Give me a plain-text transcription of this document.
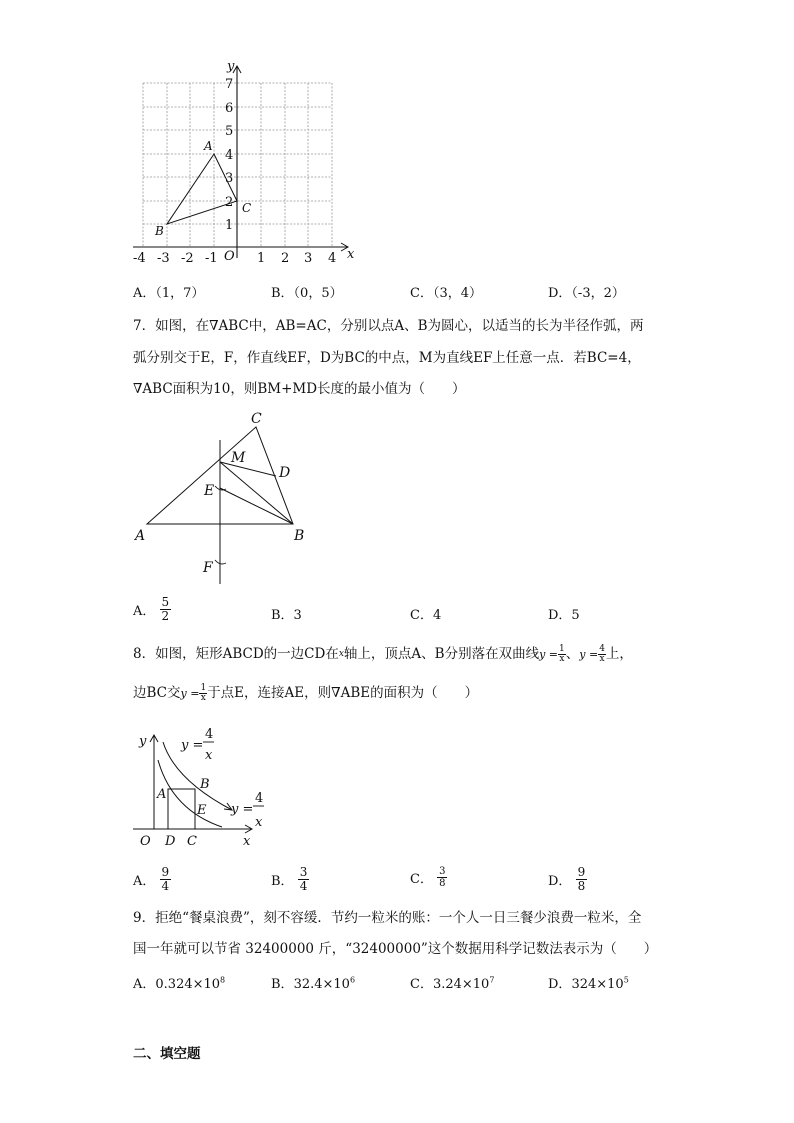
y
x
O
7
6
5
4
3
2
1
-4 -3 -2 -1	1 2 3 4
A
B
C
A．（1，7）	B．（0，5）	C．（3，4）	D．（-3，2）
7．如图，在∇ABC中，AB=AC，分别以点A、B为圆心，以适当的长为半径作弧，两
弧分别交于E，F，作直线EF，D为BC的中点，M为直线EF上任意一点．若BC=4，
∇ABC面积为10，则BM+MD长度的最小值为（　　）
C
M
D
E
A	B
F
A． $\frac{5}{2}$	B．3	C．4	D．5
8．如图，矩形ABCD的一边CD在$^x$轴上，顶点A、B分别落在双曲线$y = \frac{1}{x}$ 、$y = \frac{4}{x}$ 上，
边BC交$y = \frac{1}{x}$ 于点E，连接AE，则∇ABE的面积为（　　）
y	y =
4
x
B
A
E y =
4
x
O D C	x
A． $\frac{9}{4}$	B． $\frac{3}{4}$	C． $\frac{3}{8}$	D． $\frac{9}{8}$
9．拒绝“餐桌浪费”，刻不容缓．节约一粒米的账：一个人一日三餐少浪费一粒米，全
国一年就可以节省 32400000 斤，“32400000”这个数据用科学记数法表示为（　　）
A．$0.324\times 10^8$	B．$32.4\times 10^6$	C．$3.24\times 10^7$	D．$324\times 10^5$
二、填空题
